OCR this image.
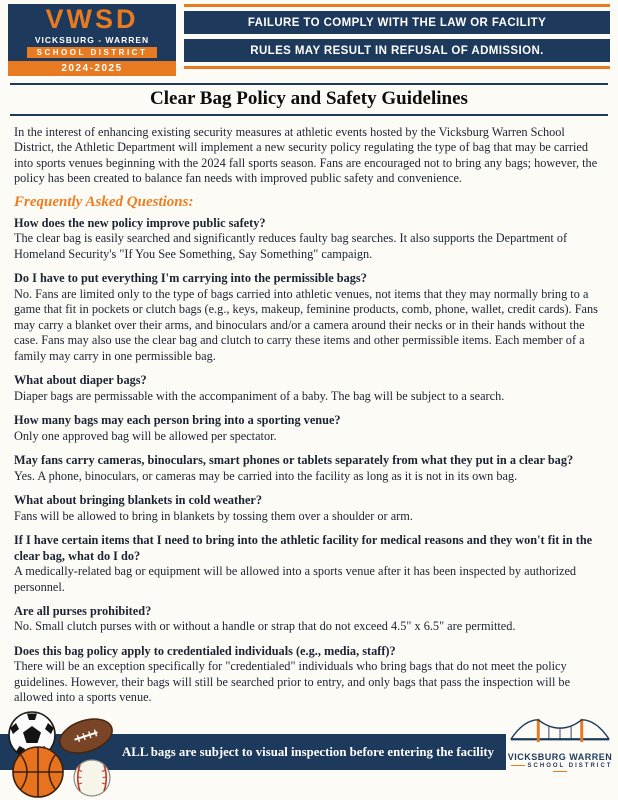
VWSD
VICKSBURG - WARREN
SCHOOL DISTRICT
2024-2025
FAILURE TO COMPLY WITH THE LAW OR FACILITY
RULES MAY RESULT IN REFUSAL OF ADMISSION.
Clear Bag Policy and Safety Guidelines

In the interest of enhancing existing security measures at athletic events hosted by the Vicksburg Warren School District, the Athletic Department will implement a new security policy regulating the type of bag that may be carried into sports venues beginning with the 2024 fall sports season. Fans are encouraged not to bring any bags; however, the policy has been created to balance fan needs with improved public safety and convenience.

Frequently Asked Questions:
How does the new policy improve public safety?
The clear bag is easily searched and significantly reduces faulty bag searches. It also supports the Department of Homeland Security's "If You See Something, Say Something" campaign.
Do I have to put everything I'm carrying into the permissible bags?
No. Fans are limited only to the type of bags carried into athletic venues, not items that they may normally bring to a game that fit in pockets or clutch bags (e.g., keys, makeup, feminine products, comb, phone, wallet, credit cards). Fans may carry a blanket over their arms, and binoculars and/or a camera around their necks or in their hands without the case. Fans may also use the clear bag and clutch to carry these items and other permissible items. Each member of a family may carry in one permissible bag.
What about diaper bags?
Diaper bags are permissable with the accompaniment of a baby. The bag will be subject to a search.
How many bags may each person bring into a sporting venue?
Only one approved bag will be allowed per spectator.
May fans carry cameras, binoculars, smart phones or tablets separately from what they put in a clear bag?
Yes. A phone, binoculars, or cameras may be carried into the facility as long as it is not in its own bag.
What about bringing blankets in cold weather?
Fans will be allowed to bring in blankets by tossing them over a shoulder or arm.
If I have certain items that I need to bring into the athletic facility for medical reasons and they won't fit in the clear bag, what do I do?
A medically-related bag or equipment will be allowed into a sports venue after it has been inspected by authorized personnel.
Are all purses prohibited?
No. Small clutch purses with or without a handle or strap that do not exceed 4.5" x 6.5" are permitted.
Does this bag policy apply to credentialed individuals (e.g., media, staff)?
There will be an exception specifically for "credentialed" individuals who bring bags that do not meet the policy guidelines. However, their bags will still be searched prior to entry, and only bags that pass the inspection will be allowed into a sports venue.
ALL bags are subject to visual inspection before entering the facility VICKSBURG WARREN
SCHOOL DISTRICT
